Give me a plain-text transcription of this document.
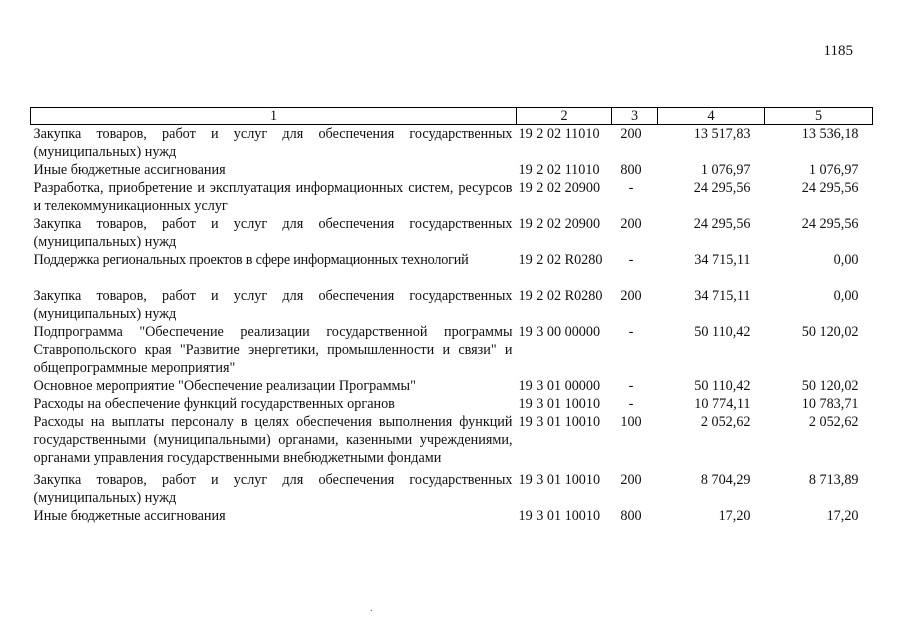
1185
1	2	3	4	5
Закупка товаров, работ и услуг для обеспечения государственных (муниципальных) нужд	19 2 02 11010	200	13 517,83	13 536,18
Иные бюджетные ассигнования	19 2 02 11010	800	1 076,97	1 076,97
Разработка, приобретение и эксплуатация информационных систем, ресурсов и телекоммуникационных услуг	19 2 02 20900	-	24 295,56	24 295,56
Закупка товаров, работ и услуг для обеспечения государственных (муниципальных) нужд	19 2 02 20900	200	24 295,56	24 295,56
Поддержка региональных проектов в сфере информационных технологий	19 2 02 R0280	-	34 715,11	0,00
Закупка товаров, работ и услуг для обеспечения государственных (муниципальных) нужд	19 2 02 R0280	200	34 715,11	0,00
Подпрограмма "Обеспечение реализации государственной программы Ставропольского края "Развитие энергетики, промышленности и связи" и общепрограммные мероприятия"	19 3 00 00000	-	50 110,42	50 120,02
Основное мероприятие "Обеспечение реализации Программы"	19 3 01 00000	-	50 110,42	50 120,02
Расходы на обеспечение функций государственных органов	19 3 01 10010	-	10 774,11	10 783,71
Расходы на выплаты персоналу в целях обеспечения выполнения функций государственными (муниципальными) органами, казенными учреждениями, органами управления государственными внебюджетными фондами	19 3 01 10010	100	2 052,62	2 052,62
Закупка товаров, работ и услуг для обеспечения государственных (муниципальных) нужд	19 3 01 10010	200	8 704,29	8 713,89
Иные бюджетные ассигнования	19 3 01 10010	800	17,20	17,20
.
